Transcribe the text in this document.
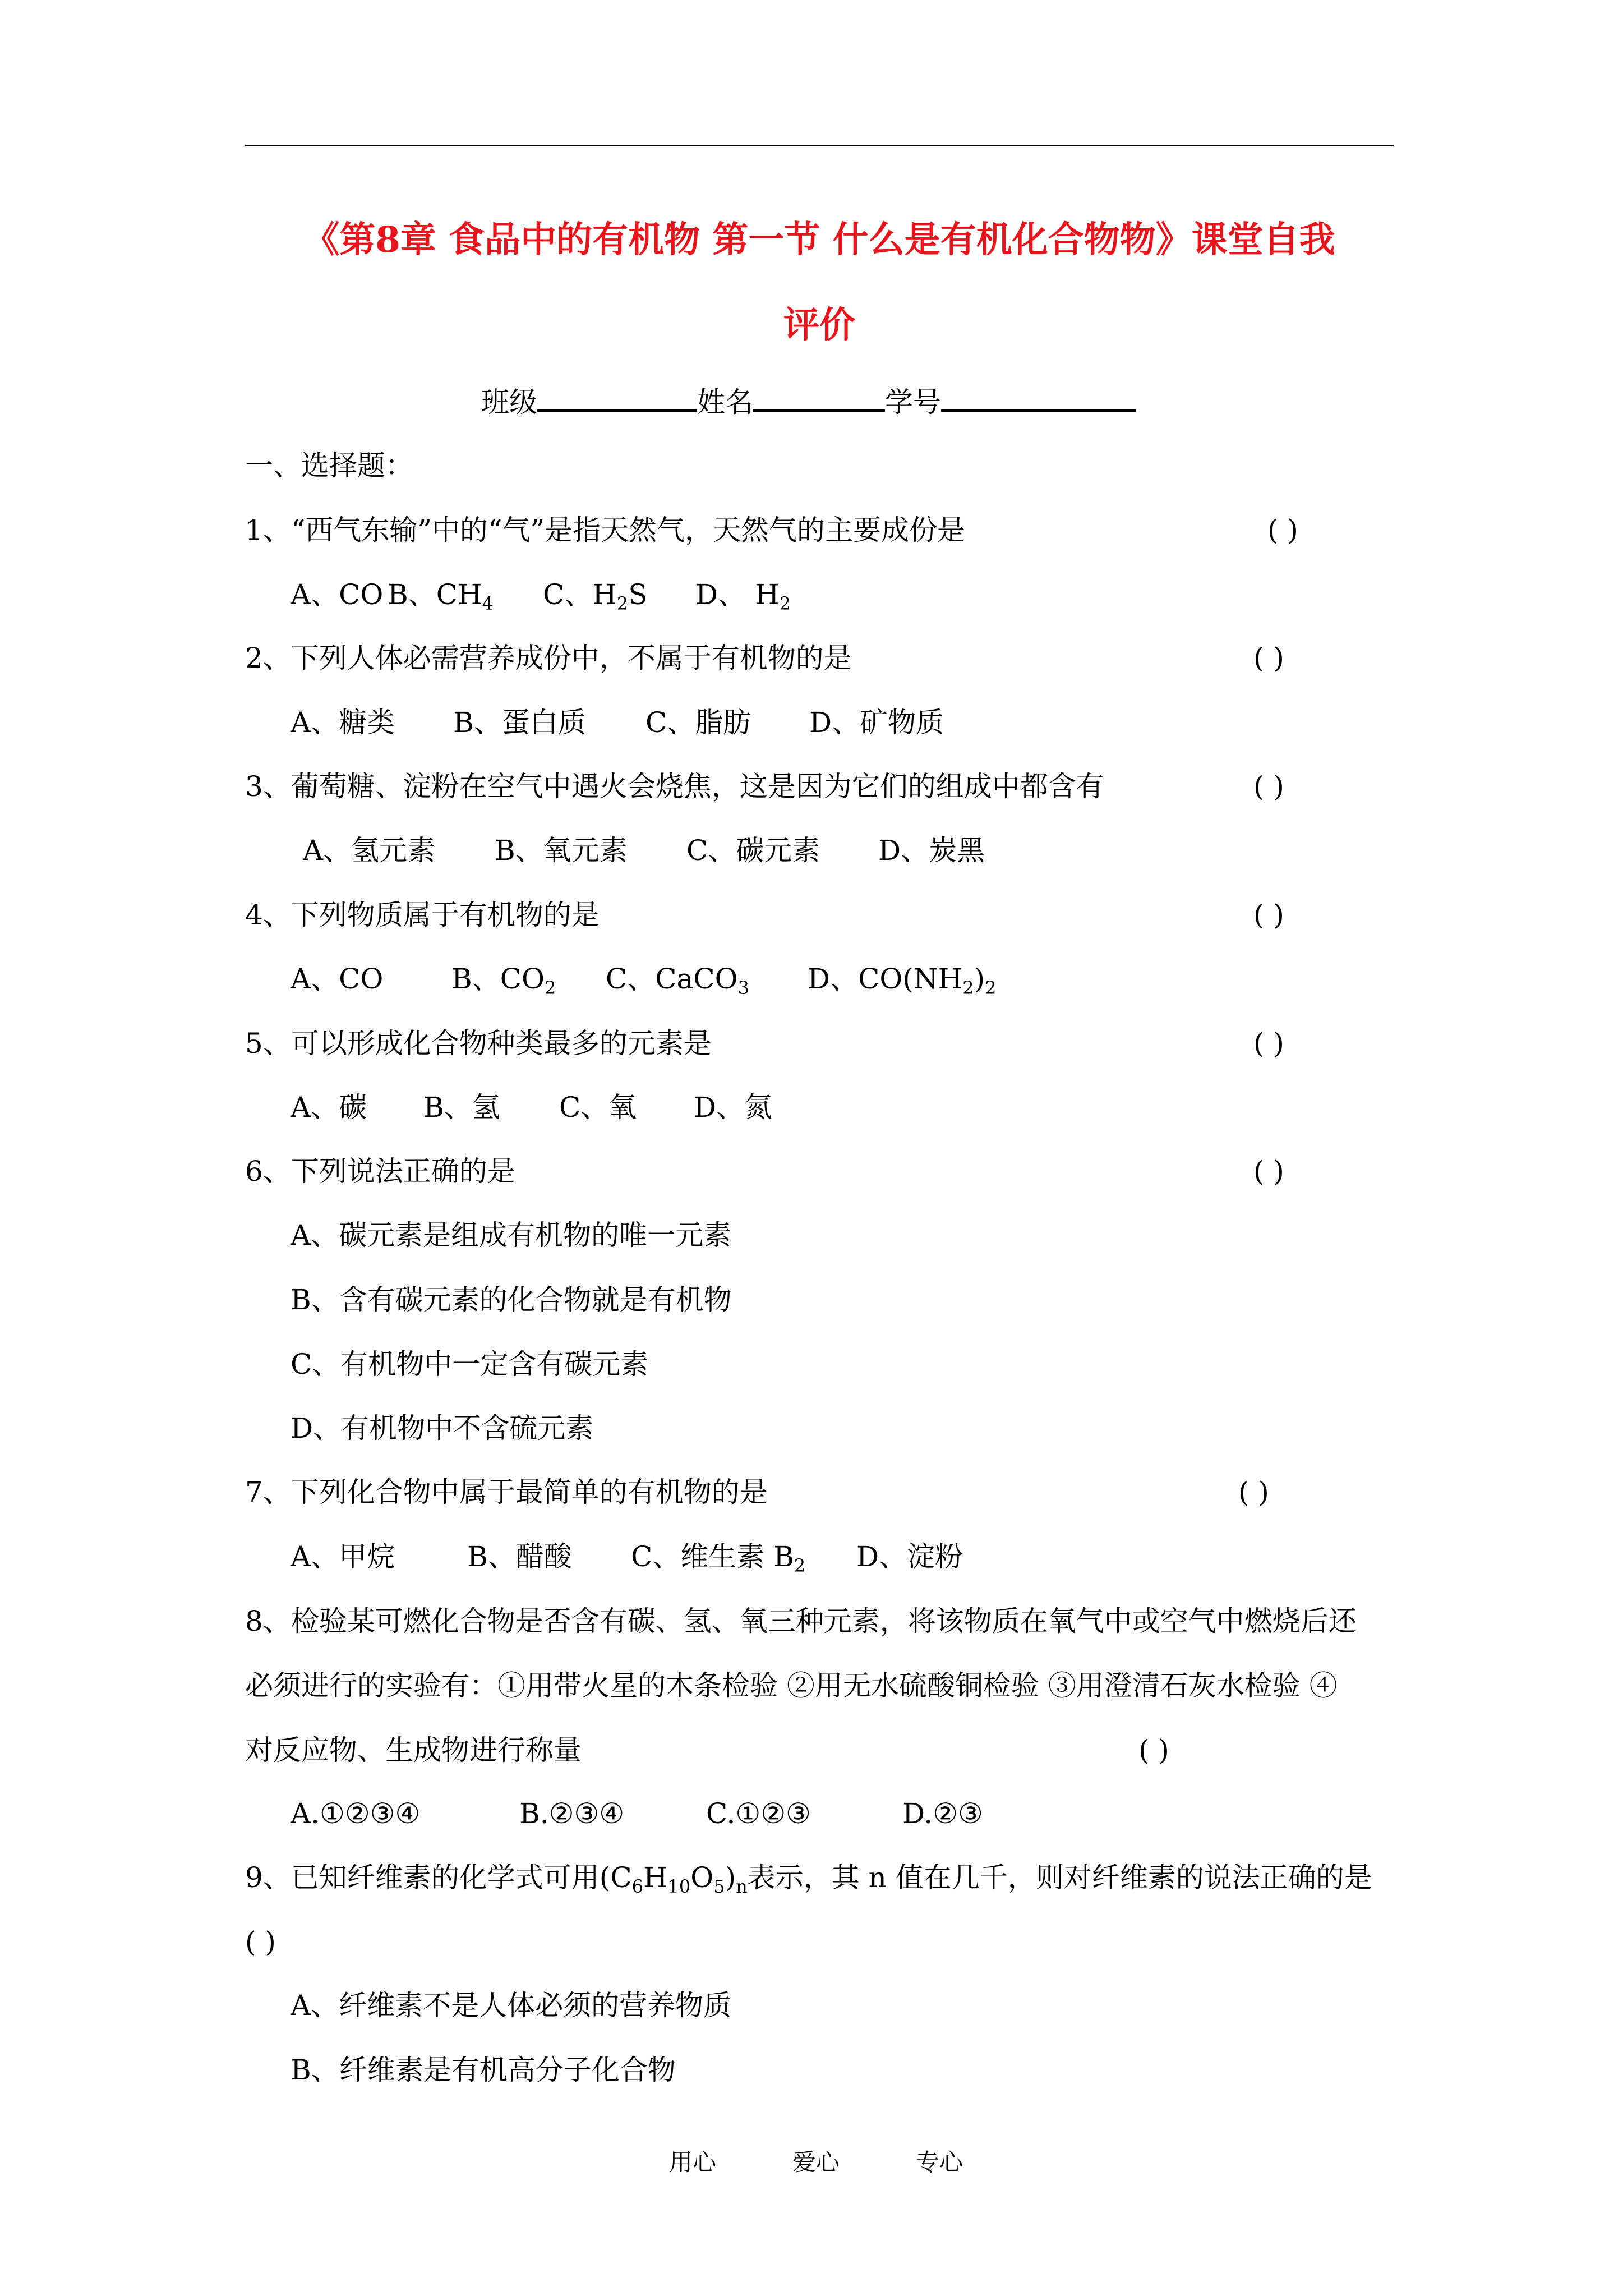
《第8章 食品中的有机物 第一节 什么是有机化合物物》课堂自我
评价
班级	姓名	学号
一、选择题：
1、“西气东输”中的“气”是指天然气，天然气的主要成份是	( )
A、CO B、$CH_4$ C、$H_2S$ D、 $H_2$
2、下列人体必需营养成份中，不属于有机物的是	( )
A、糖类 B、蛋白质 C、脂肪 D、矿物质
3、葡萄糖、淀粉在空气中遇火会烧焦，这是因为它们的组成中都含有	( )
A、氢元素 B、氧元素 C、碳元素 D、炭黑
4、下列物质属于有机物的是	( )
A、CO B、$CO_2$ C、CaCO$_3$ D、$CO(NH_2)_2$
5、可以形成化合物种类最多的元素是	( )
A、碳 B、氢 C、氧 D、氮
6、下列说法正确的是	( )
A、碳元素是组成有机物的唯一元素
B、含有碳元素的化合物就是有机物
C、有机物中一定含有碳元素
D、有机物中不含硫元素
7、下列化合物中属于最简单的有机物的是	( )
A、甲烷	B、醋酸 C、维生素 $B_2$ D、淀粉
8、检验某可燃化合物是否含有碳、氢、氧三种元素，将该物质在氧气中或空气中燃烧后还
必须进行的实验有：①用带火星的木条检验 ②用无水硫酸铜检验 ③用澄清石灰水检验 ④
对反应物、生成物进行称量	( )
A.①②③④	B.②③④	C.①②③	D.②③
9、已知纤维素的化学式可用$(C_6H_{10}O_5)_n$表示，其 n 值在几千，则对纤维素的说法正确的是
( )
A、纤维素不是人体必须的营养物质
B、纤维素是有机高分子化合物
用心	爱心	专心
